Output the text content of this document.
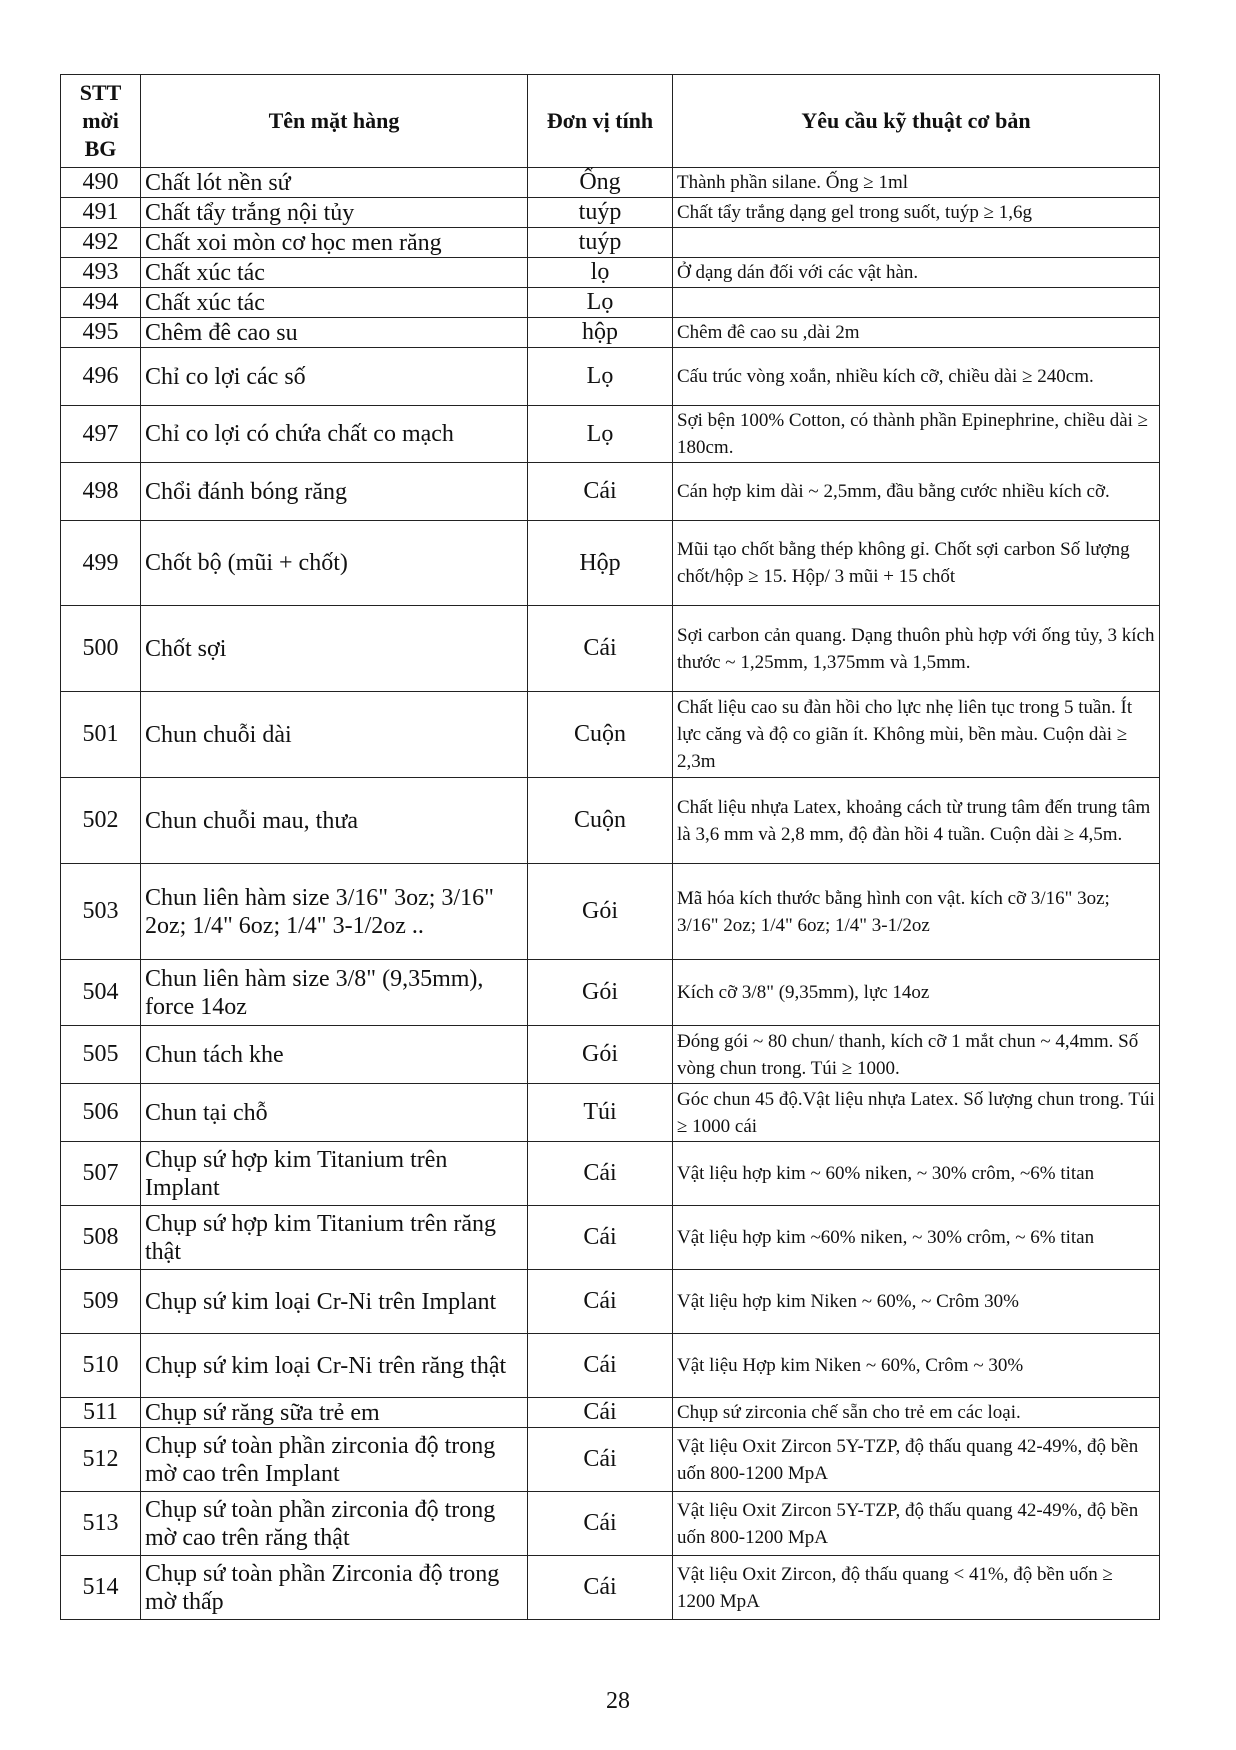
STT mời BG	Tên mặt hàng	Đơn vị tính	Yêu cầu kỹ thuật cơ bản
490	Chất lót nền sứ	Ống	Thành phần silane. Ống ≥ 1ml
491	Chất tẩy trắng nội tủy	tuýp	Chất tẩy trắng dạng gel trong suốt, tuýp ≥ 1,6g
492	Chất xoi mòn cơ học men răng	tuýp	
493	Chất xúc tác	lọ	Ở dạng dán đối với các vật hàn.
494	Chất xúc tác	Lọ	
495	Chêm đê cao su	hộp	Chêm đê cao su ,dài 2m
496	Chỉ co lợi các số	Lọ	Cấu trúc vòng xoắn, nhiều kích cỡ, chiều dài ≥ 240cm.
497	Chỉ co lợi có chứa chất co mạch	Lọ	Sợi bện 100% Cotton, có thành phần Epinephrine, chiều dài ≥ 180cm.
498	Chổi đánh bóng răng	Cái	Cán hợp kim dài ~ 2,5mm, đầu bằng cước nhiều kích cỡ.
499	Chốt bộ (mũi + chốt)	Hộp	Mũi tạo chốt bằng thép không gỉ. Chốt sợi carbon Số lượng chốt/hộp ≥ 15. Hộp/ 3 mũi + 15 chốt
500	Chốt sợi	Cái	Sợi carbon cản quang. Dạng thuôn phù hợp với ống tủy, 3 kích thước ~ 1,25mm, 1,375mm và 1,5mm.
501	Chun chuỗi dài	Cuộn	Chất liệu cao su đàn hồi cho lực nhẹ liên tục trong 5 tuần. Ít lực căng và độ co giãn ít. Không mùi, bền màu. Cuộn dài ≥ 2,3m
502	Chun chuỗi mau, thưa	Cuộn	Chất liệu nhựa Latex, khoảng cách từ trung tâm đến trung tâm là 3,6 mm và 2,8 mm, độ đàn hồi 4 tuần. Cuộn dài ≥ 4,5m.
503	Chun liên hàm size 3/16" 3oz; 3/16" 2oz; 1/4" 6oz; 1/4" 3-1/2oz ..	Gói	Mã hóa kích thước bằng hình con vật. kích cỡ 3/16" 3oz; 3/16" 2oz; 1/4" 6oz; 1/4" 3-1/2oz
504	Chun liên hàm size 3/8" (9,35mm), force 14oz	Gói	Kích cỡ 3/8" (9,35mm), lực 14oz
505	Chun tách khe	Gói	Đóng gói ~ 80 chun/ thanh, kích cỡ 1 mắt chun ~ 4,4mm. Số vòng chun trong. Túi ≥ 1000.
506	Chun tại chỗ	Túi	Góc chun 45 độ.Vật liệu nhựa Latex. Số lượng chun trong. Túi ≥ 1000 cái
507	Chụp sứ hợp kim Titanium trên Implant	Cái	Vật liệu hợp kim ~ 60% niken, ~ 30% crôm, ~6% titan
508	Chụp sứ hợp kim Titanium trên răng thật	Cái	Vật liệu hợp kim ~60% niken, ~ 30% crôm, ~ 6% titan
509	Chụp sứ kim loại Cr-Ni trên Implant	Cái	Vật liệu hợp kim Niken ~ 60%, ~ Crôm 30%
510	Chụp sứ kim loại Cr-Ni trên răng thật	Cái	Vật liệu Hợp kim Niken ~ 60%, Crôm ~ 30%
511	Chụp sứ răng sữa trẻ em	Cái	Chụp sứ zirconia chế sẵn cho trẻ em các loại.
512	Chụp sứ toàn phần zirconia độ trong mờ cao trên Implant	Cái	Vật liệu Oxit Zircon 5Y-TZP, độ thấu quang 42-49%, độ bền uốn 800-1200 MpA
513	Chụp sứ toàn phần zirconia độ trong mờ cao trên răng thật	Cái	Vật liệu Oxit Zircon 5Y-TZP, độ thấu quang 42-49%, độ bền uốn 800-1200 MpA
514	Chụp sứ toàn phần Zirconia độ trong mờ thấp	Cái	Vật liệu Oxit Zircon, độ thấu quang < 41%, độ bền uốn ≥ 1200 MpA
28
